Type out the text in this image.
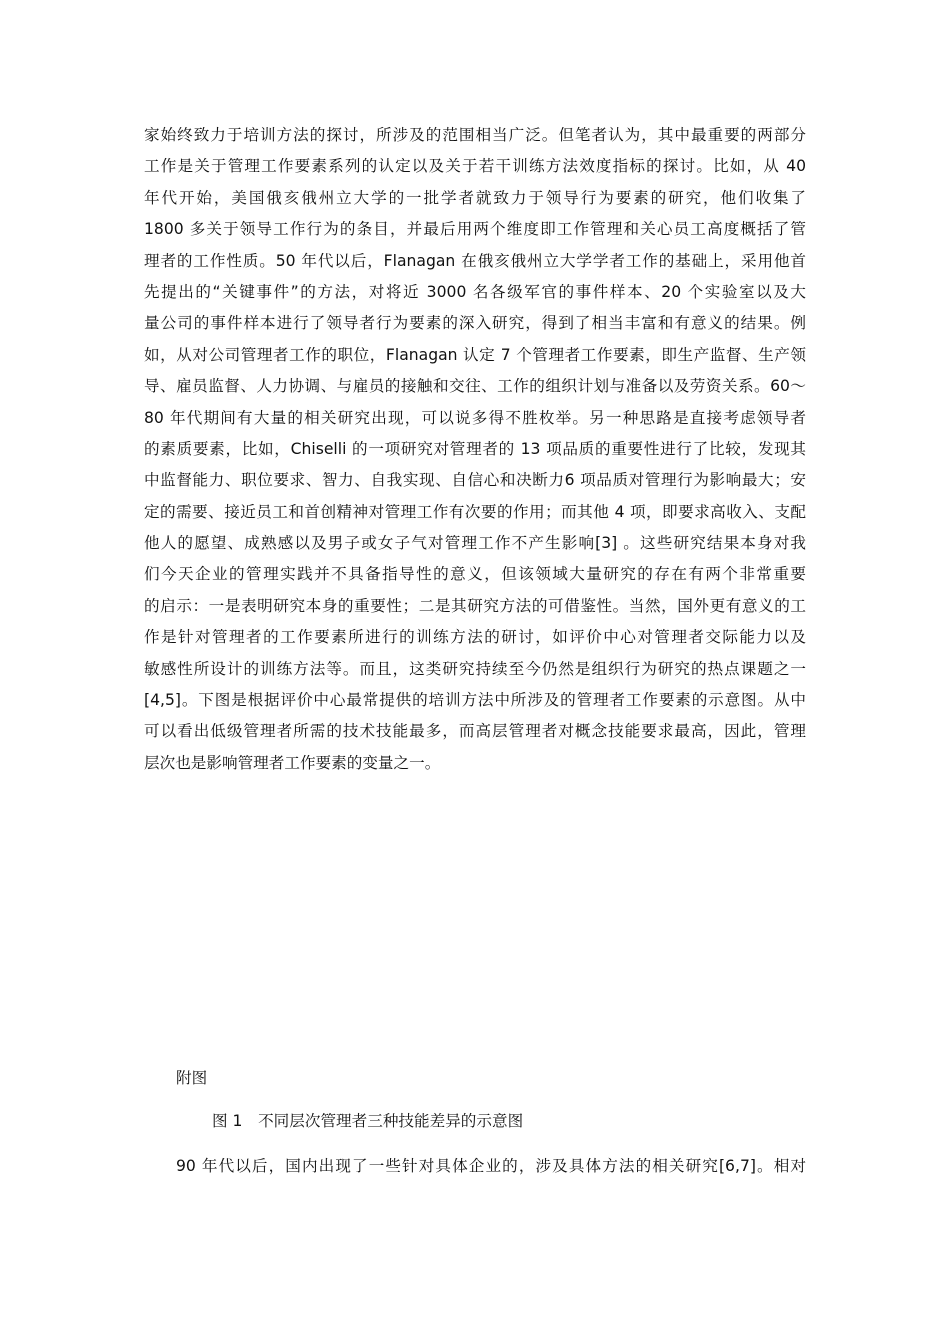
家始终致力于培训方法的探讨，所涉及的范围相当广泛。但笔者认为，其中最重要的两部分
工作是关于管理工作要素系列的认定以及关于若干训练方法效度指标的探讨。比如，从 40
年代开始，美国俄亥俄州立大学的一批学者就致力于领导行为要素的研究，他们收集了
1800 多关于领导工作行为的条目，并最后用两个维度即工作管理和关心员工高度概括了管
理者的工作性质。50 年代以后，Flanagan 在俄亥俄州立大学学者工作的基础上，采用他首
先提出的“关键事件”的方法，对将近 3000 名各级军官的事件样本、20 个实验室以及大
量公司的事件样本进行了领导者行为要素的深入研究，得到了相当丰富和有意义的结果。例
如，从对公司管理者工作的职位，Flanagan 认定 7 个管理者工作要素，即生产监督、生产领
导、雇员监督、人力协调、与雇员的接触和交往、工作的组织计划与准备以及劳资关系。60～
80 年代期间有大量的相关研究出现，可以说多得不胜枚举。另一种思路是直接考虑领导者
的素质要素，比如，Chiselli 的一项研究对管理者的 13 项品质的重要性进行了比较，发现其
中监督能力、职位要求、智力、自我实现、自信心和决断力6 项品质对管理行为影响最大；安
定的需要、接近员工和首创精神对管理工作有次要的作用；而其他 4 项，即要求高收入、支配
他人的愿望、成熟感以及男子或女子气对管理工作不产生影响[3] 。这些研究结果本身对我
们今天企业的管理实践并不具备指导性的意义，但该领域大量研究的存在有两个非常重要
的启示：一是表明研究本身的重要性；二是其研究方法的可借鉴性。当然，国外更有意义的工
作是针对管理者的工作要素所进行的训练方法的研讨，如评价中心对管理者交际能力以及
敏感性所设计的训练方法等。而且，这类研究持续至今仍然是组织行为研究的热点课题之一
[4,5]。下图是根据评价中心最常提供的培训方法中所涉及的管理者工作要素的示意图。从中
可以看出低级管理者所需的技术技能最多，而高层管理者对概念技能要求最高，因此，管理
层次也是影响管理者工作要素的变量之一。

附图

图 1　不同层次管理者三种技能差异的示意图

90 年代以后，国内出现了一些针对具体企业的，涉及具体方法的相关研究[6,7]。相对
